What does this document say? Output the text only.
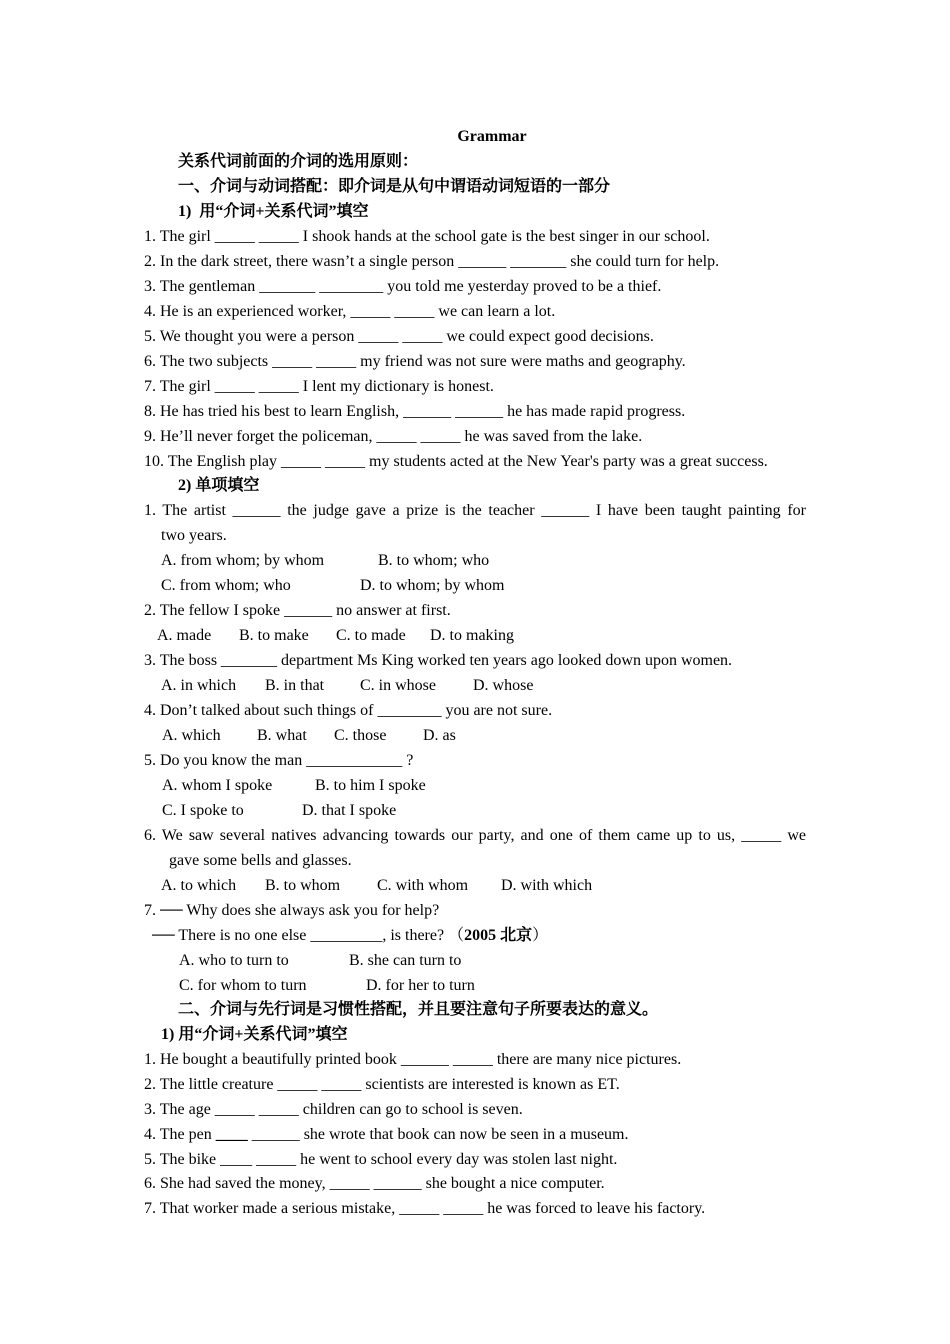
Grammar
关系代词前面的介词的选用原则：
一、介词与动词搭配：即介词是从句中谓语动词短语的一部分
1)  用“介词+关系代词”填空
1. The girl _____ _____ I shook hands at the school gate is the best singer in our school.
2. In the dark street, there wasn’t a single person ______ _______ she could turn for help.
3. The gentleman _______ ________ you told me yesterday proved to be a thief.
4. He is an experienced worker, _____ _____ we can learn a lot.
5. We thought you were a person _____ _____ we could expect good decisions.
6. The two subjects _____ _____ my friend was not sure were maths and geography.
7. The girl _____ _____ I lent my dictionary is honest.
8. He has tried his best to learn English, ______ ______ he has made rapid progress.
9. He’ll never forget the policeman, _____ _____ he was saved from the lake.
10. The English play _____ _____ my students acted at the New Year's party was a great success.
2) 单项填空
1. The artist ______ the judge gave a prize is the teacher ______ I have been taught painting for
two years.
A. from whom; by whom	B. to whom; who
C. from whom; who	D. to whom; by whom
2. The fellow I spoke ______ no answer at first.
A. made B. to make C. to made D. to making
3. The boss _______ department Ms King worked ten years ago looked down upon women.
A. in which B. in that C. in whose D. whose
4. Don’t talked about such things of ________ you are not sure.
A. which B. what C. those D. as
5. Do you know the man ____________ ?
A. whom I spoke	B. to him I spoke
C. I spoke to	D. that I spoke
6. We saw several natives advancing towards our party, and one of them came up to us, _____ we
gave some bells and glasses.
A. to which B. to whom C. with whom D. with which
7. ── Why does she always ask you for help?
── There is no one else _________, is there? （2005 北京）
A. who to turn to	B. she can turn to
C. for whom to turn	D. for her to turn
二、介词与先行词是习惯性搭配，并且要注意句子所要表达的意义。
1) 用“介词+关系代词”填空
1. He bought a beautifully printed book ______ _____ there are many nice pictures.
2. The little creature _____ _____ scientists are interested is known as ET.
3. The age _____ _____ children can go to school is seven.
4. The pen ____ ______ she wrote that book can now be seen in a museum.
5. The bike ____ _____ he went to school every day was stolen last night.
6. She had saved the money, _____ ______ she bought a nice computer.
7. That worker made a serious mistake, _____ _____ he was forced to leave his factory.
